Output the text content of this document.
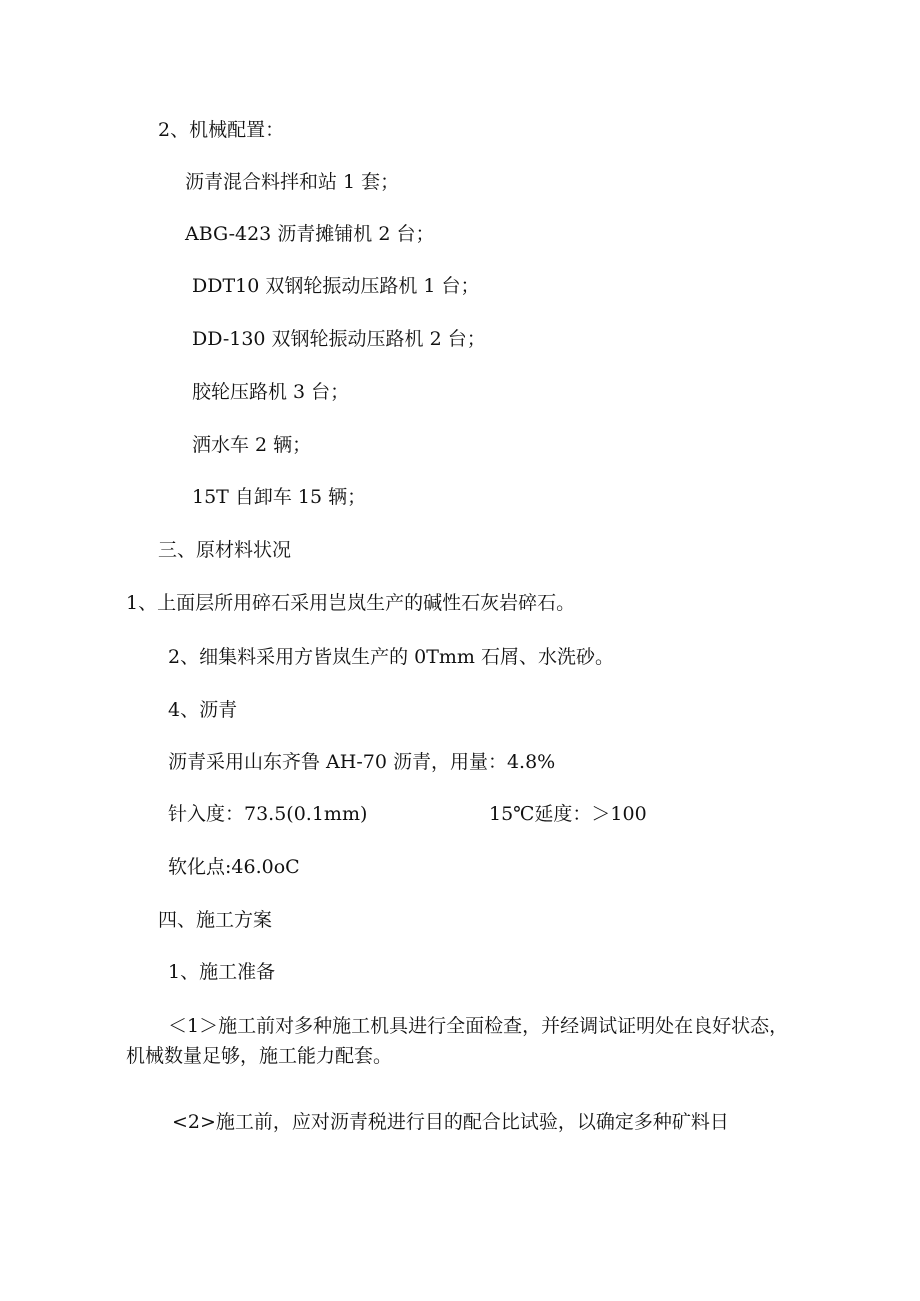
2、机械配置：
沥青混合料拌和站 1 套；
ABG-423 沥青摊铺机 2 台；
DDT10 双钢轮振动压路机 1 台；
DD-130 双钢轮振动压路机 2 台；
胶轮压路机 3 台；
洒水车 2 辆；
15T 自卸车 15 辆；
三、原材料状况
1、上面层所用碎石采用岂岚生产的碱性石灰岩碎石。
2、细集料采用方皆岚生产的 0Tmm 石屑、水洗砂。
4、沥青
沥青采用山东齐鲁 AH-70 沥青，用量：4.8%
针入度：73.5(0.1mm)	15℃延度：＞100
软化点:46.0oC
四、施工方案
1、施工准备
＜1＞施工前对多种施工机具进行全面检查，并经调试证明处在良好状态，机械数量足够，施工能力配套。
<2>施工前，应对沥青税进行目的配合比试验，以确定多种矿料日
